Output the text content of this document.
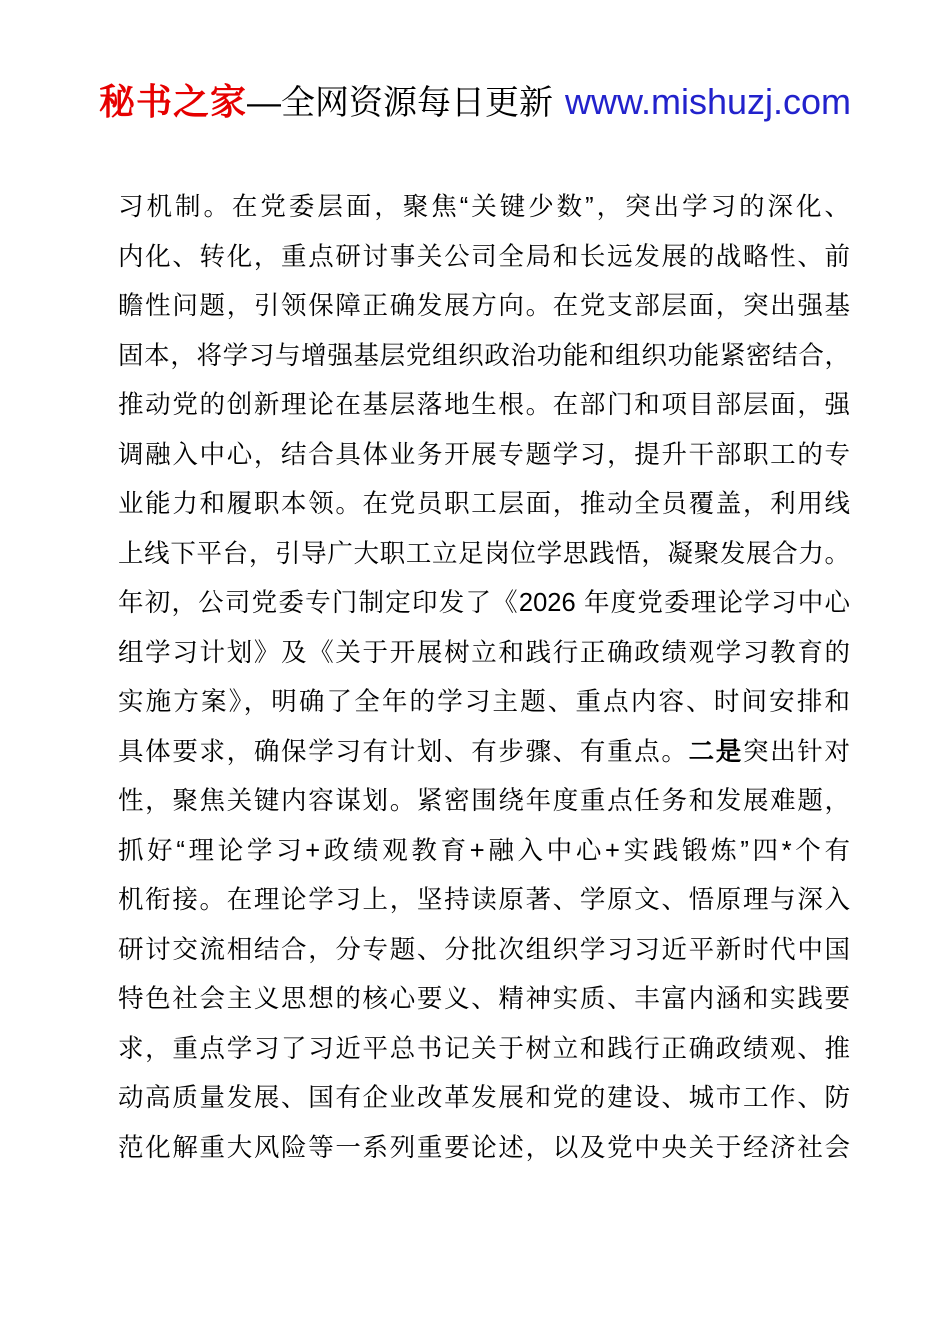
秘书之家—全网资源每日更新 www.mishuzj.com
习机制。在党委层面，聚焦“关键少数”，突出学习的深化、
内化、转化，重点研讨事关公司全局和长远发展的战略性、前
瞻性问题，引领保障正确发展方向。在党支部层面，突出强基
固本，将学习与增强基层党组织政治功能和组织功能紧密结合，
推动党的创新理论在基层落地生根。在部门和项目部层面，强
调融入中心，结合具体业务开展专题学习，提升干部职工的专
业能力和履职本领。在党员职工层面，推动全员覆盖，利用线
上线下平台，引导广大职工立足岗位学思践悟，凝聚发展合力。
年初，公司党委专门制定印发了《2026 年度党委理论学习中心
组学习计划》及《关于开展树立和践行正确政绩观学习教育的
实施方案》，明确了全年的学习主题、重点内容、时间安排和
具体要求，确保学习有计划、有步骤、有重点。二是突出针对
性，聚焦关键内容谋划。紧密围绕年度重点任务和发展难题，
抓好“理论学习+政绩观教育+融入中心+实践锻炼”四*个有
机衔接。在理论学习上，坚持读原著、学原文、悟原理与深入
研讨交流相结合，分专题、分批次组织学习习近平新时代中国
特色社会主义思想的核心要义、精神实质、丰富内涵和实践要
求，重点学习了习近平总书记关于树立和践行正确政绩观、推
动高质量发展、国有企业改革发展和党的建设、城市工作、防
范化解重大风险等一系列重要论述，以及党中央关于经济社会
